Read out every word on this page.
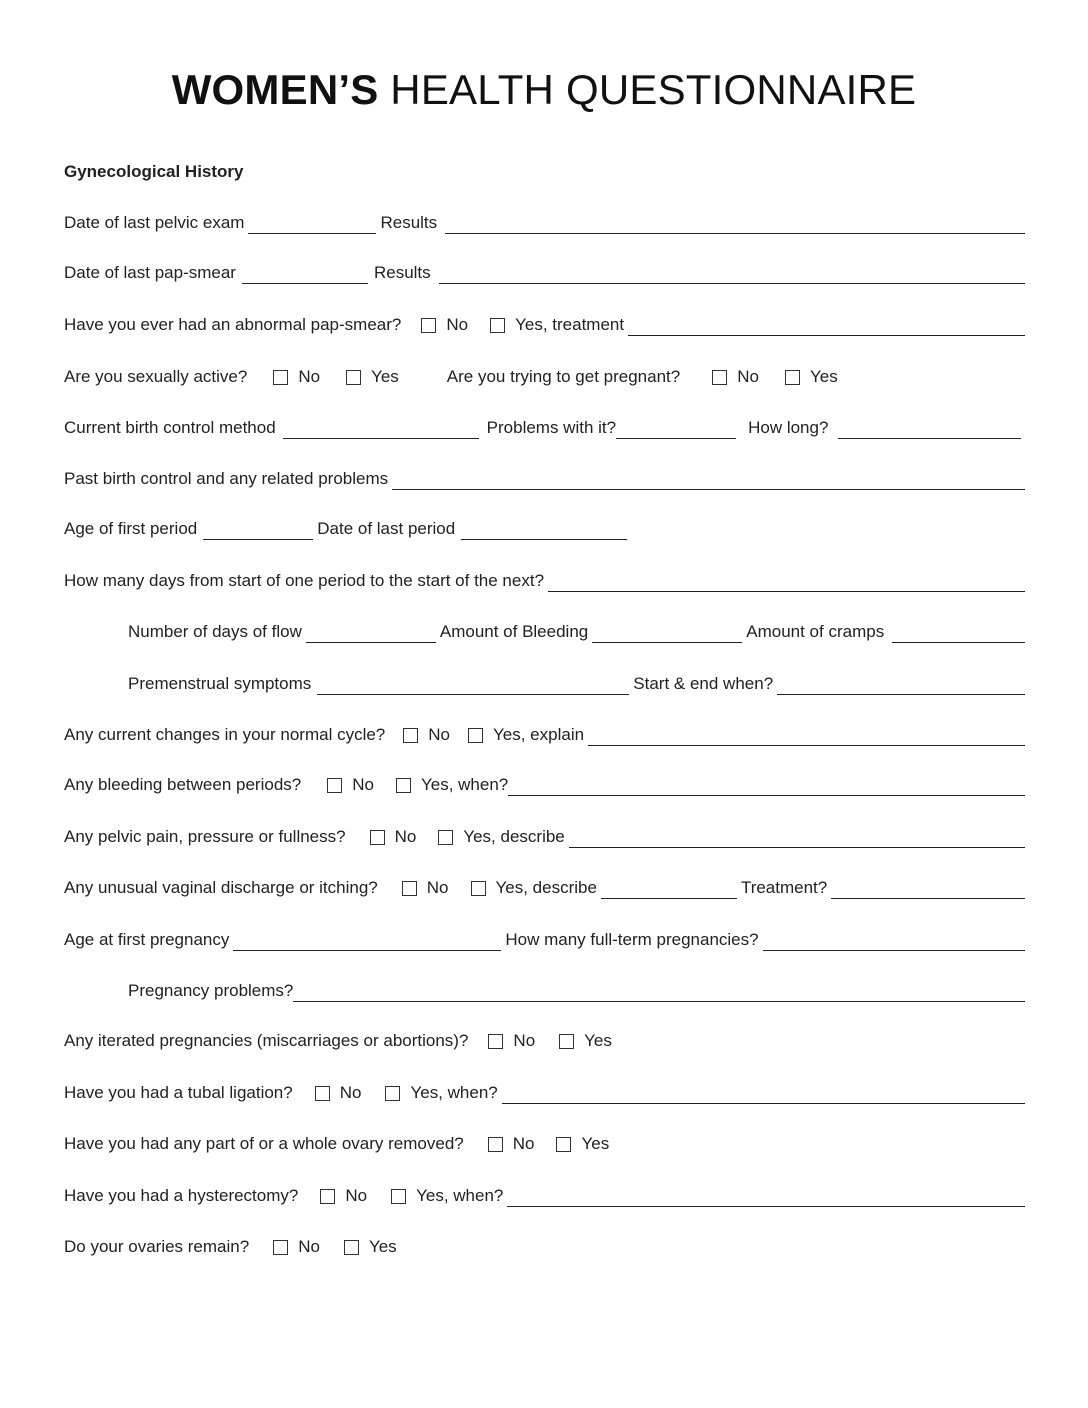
WOMEN’S HEALTH QUESTIONNAIRE
Gynecological History
Date of last pelvic exam	Results
Date of last pap-smear	Results
Have you ever had an abnormal pap-smear?	No	Yes, treatment
Are you sexually active?	No	Yes	Are you trying to get pregnant?	No	Yes
Current birth control method	Problems with it?	How long?
Past birth control and any related problems
Age of first period	Date of last period
How many days from start of one period to the start of the next?
Number of days of flow	Amount of Bleeding	Amount of cramps
Premenstrual symptoms	Start & end when?
Any current changes in your normal cycle?	No	Yes, explain
Any bleeding between periods?	No	Yes, when?
Any pelvic pain, pressure or fullness?	No	Yes, describe
Any unusual vaginal discharge or itching?	No	Yes, describe	Treatment?
Age at first pregnancy	How many full-term pregnancies?
Pregnancy problems?
Any iterated pregnancies (miscarriages or abortions)?	No	Yes
Have you had a tubal ligation?	No	Yes, when?
Have you had any part of or a whole ovary removed?	No	Yes
Have you had a hysterectomy?	No	Yes, when?
Do your ovaries remain?	No	Yes
